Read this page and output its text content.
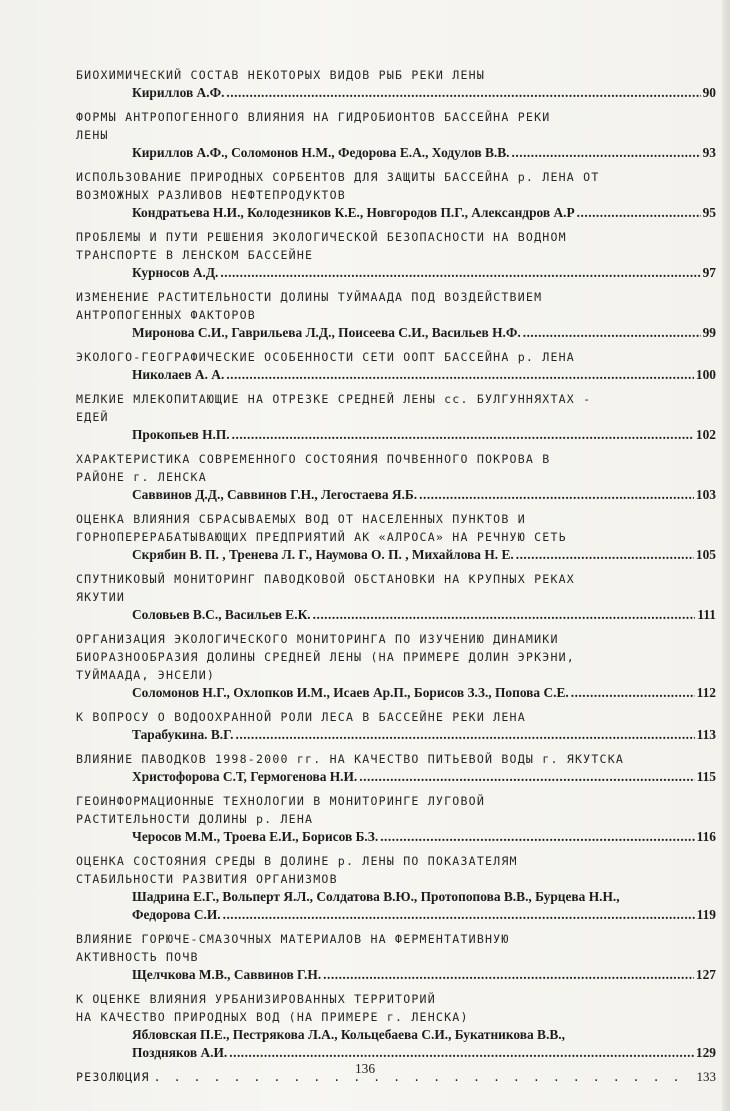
БИОХИМИЧЕСКИЙ СОСТАВ НЕКОТОРЫХ ВИДОВ РЫБ РЕКИ ЛЕНЫ
Кириллов А.Ф. .....	90
ФОРМЫ АНТРОПОГЕННОГО ВЛИЯНИЯ НА ГИДРОБИОНТОВ БАССЕЙНА РЕКИ
ЛЕНЫ
Кириллов А.Ф., Соломонов Н.М., Федорова Е.А., Ходулов В.В. .....	93
ИСПОЛЬЗОВАНИЕ ПРИРОДНЫХ СОРБЕНТОВ ДЛЯ ЗАЩИТЫ БАССЕЙНА р. ЛЕНА ОТ
ВОЗМОЖНЫХ РАЗЛИВОВ НЕФТЕПРОДУКТОВ
Кондратьева Н.И., Колодезников К.Е., Новгородов П.Г., Александров А.Р .....	95
ПРОБЛЕМЫ И ПУТИ РЕШЕНИЯ ЭКОЛОГИЧЕСКОЙ БЕЗОПАСНОСТИ НА ВОДНОМ
ТРАНСПОРТЕ В ЛЕНСКОМ БАССЕЙНЕ
Курносов А.Д. .....	97
ИЗМЕНЕНИЕ РАСТИТЕЛЬНОСТИ ДОЛИНЫ ТУЙМААДА ПОД ВОЗДЕЙСТВИЕМ
АНТРОПОГЕННЫХ ФАКТОРОВ
Миронова С.И., Гаврильева Л.Д., Поисеева С.И., Васильев Н.Ф. .....	99
ЭКОЛОГО-ГЕОГРАФИЧЕСКИЕ ОСОБЕННОСТИ СЕТИ ООПТ БАССЕЙНА р. ЛЕНА
Николаев А. А. .....	100
МЕЛКИЕ МЛЕКОПИТАЮЩИЕ НА ОТРЕЗКЕ СРЕДНЕЙ ЛЕНЫ сс. БУЛГУННЯХТАХ -
ЕДЕЙ
Прокопьев Н.П. .....	102
ХАРАКТЕРИСТИКА СОВРЕМЕННОГО СОСТОЯНИЯ ПОЧВЕННОГО ПОКРОВА В
РАЙОНЕ г. ЛЕНСКА
Саввинов Д.Д., Саввинов Г.Н., Легостаева Я.Б. .....	103
ОЦЕНКА ВЛИЯНИЯ СБРАСЫВАЕМЫХ ВОД ОТ НАСЕЛЕННЫХ ПУНКТОВ И
ГОРНОПЕРЕРАБАТЫВАЮЩИХ ПРЕДПРИЯТИЙ АК «АЛРОСА» НА РЕЧНУЮ СЕТЬ
Скрябин В. П. , Тренева Л. Г., Наумова О. П. , Михайлова Н. Е. .....	105
СПУТНИКОВЫЙ МОНИТОРИНГ ПАВОДКОВОЙ ОБСТАНОВКИ НА КРУПНЫХ РЕКАХ
ЯКУТИИ
Соловьев В.С., Васильев Е.К. .....	111
ОРГАНИЗАЦИЯ ЭКОЛОГИЧЕСКОГО МОНИТОРИНГА ПО ИЗУЧЕНИЮ ДИНАМИКИ
БИОРАЗНООБРАЗИЯ ДОЛИНЫ СРЕДНЕЙ ЛЕНЫ (НА ПРИМЕРЕ ДОЛИН ЭРКЭНИ,
ТУЙМААДА, ЭНСЕЛИ)
Соломонов Н.Г., Охлопков И.М., Исаев Ар.П., Борисов З.З., Попова С.Е. .....	112
К ВОПРОСУ О ВОДООХРАННОЙ РОЛИ ЛЕСА В БАССЕЙНЕ РЕКИ ЛЕНА
Тарабукина. В.Г. .....	113
ВЛИЯНИЕ ПАВОДКОВ 1998-2000 гг. НА КАЧЕСТВО ПИТЬЕВОЙ ВОДЫ г. ЯКУТСКА
Христофорова С.Т, Гермогенова Н.И. .....	115
ГЕОИНФОРМАЦИОННЫЕ ТЕХНОЛОГИИ В МОНИТОРИНГЕ ЛУГОВОЙ
РАСТИТЕЛЬНОСТИ ДОЛИНЫ р. ЛЕНА
Черосов М.М., Троева Е.И., Борисов Б.З. .....	116
ОЦЕНКА СОСТОЯНИЯ СРЕДЫ В ДОЛИНЕ р. ЛЕНЫ ПО ПОКАЗАТЕЛЯМ
СТАБИЛЬНОСТИ РАЗВИТИЯ ОРГАНИЗМОВ
Шадрина Е.Г., Вольперт Я.Л., Солдатова В.Ю., Протопопова В.В., Бурцева Н.Н.,
Федорова С.И. .....	119
ВЛИЯНИЕ ГОРЮЧЕ-СМАЗОЧНЫХ МАТЕРИАЛОВ НА ФЕРМЕНТАТИВНУЮ
АКТИВНОСТЬ ПОЧВ
Щелчкова М.В., Саввинов Г.Н. .....	127
К ОЦЕНКЕ ВЛИЯНИЯ УРБАНИЗИРОВАННЫХ ТЕРРИТОРИЙ
НА КАЧЕСТВО ПРИРОДНЫХ ВОД (НА ПРИМЕРЕ г. ЛЕНСКА)
Ябловская П.Е., Пестрякова Л.А., Кольцебаева С.И., Букатникова В.В.,
Поздняков А.И. .....	129
РЕЗОЛЮЦИЯ . . .	133
136
